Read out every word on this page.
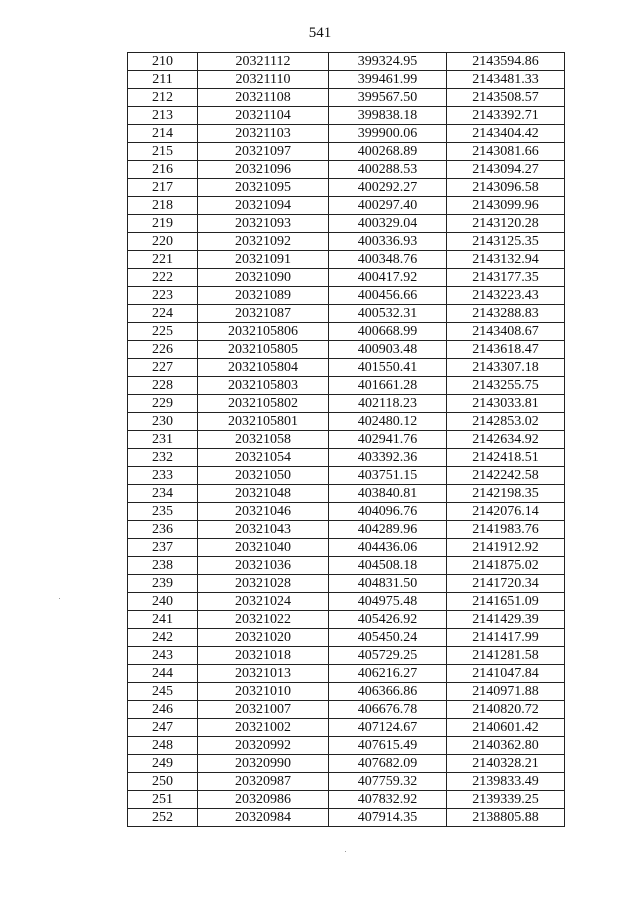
541
210	20321112	399324.95	2143594.86
211	20321110	399461.99	2143481.33
212	20321108	399567.50	2143508.57
213	20321104	399838.18	2143392.71
214	20321103	399900.06	2143404.42
215	20321097	400268.89	2143081.66
216	20321096	400288.53	2143094.27
217	20321095	400292.27	2143096.58
218	20321094	400297.40	2143099.96
219	20321093	400329.04	2143120.28
220	20321092	400336.93	2143125.35
221	20321091	400348.76	2143132.94
222	20321090	400417.92	2143177.35
223	20321089	400456.66	2143223.43
224	20321087	400532.31	2143288.83
225	2032105806	400668.99	2143408.67
226	2032105805	400903.48	2143618.47
227	2032105804	401550.41	2143307.18
228	2032105803	401661.28	2143255.75
229	2032105802	402118.23	2143033.81
230	2032105801	402480.12	2142853.02
231	20321058	402941.76	2142634.92
232	20321054	403392.36	2142418.51
233	20321050	403751.15	2142242.58
234	20321048	403840.81	2142198.35
235	20321046	404096.76	2142076.14
236	20321043	404289.96	2141983.76
237	20321040	404436.06	2141912.92
238	20321036	404508.18	2141875.02
239	20321028	404831.50	2141720.34
240	20321024	404975.48	2141651.09
241	20321022	405426.92	2141429.39
242	20321020	405450.24	2141417.99
243	20321018	405729.25	2141281.58
244	20321013	406216.27	2141047.84
245	20321010	406366.86	2140971.88
246	20321007	406676.78	2140820.72
247	20321002	407124.67	2140601.42
248	20320992	407615.49	2140362.80
249	20320990	407682.09	2140328.21
250	20320987	407759.32	2139833.49
251	20320986	407832.92	2139339.25
252	20320984	407914.35	2138805.88
